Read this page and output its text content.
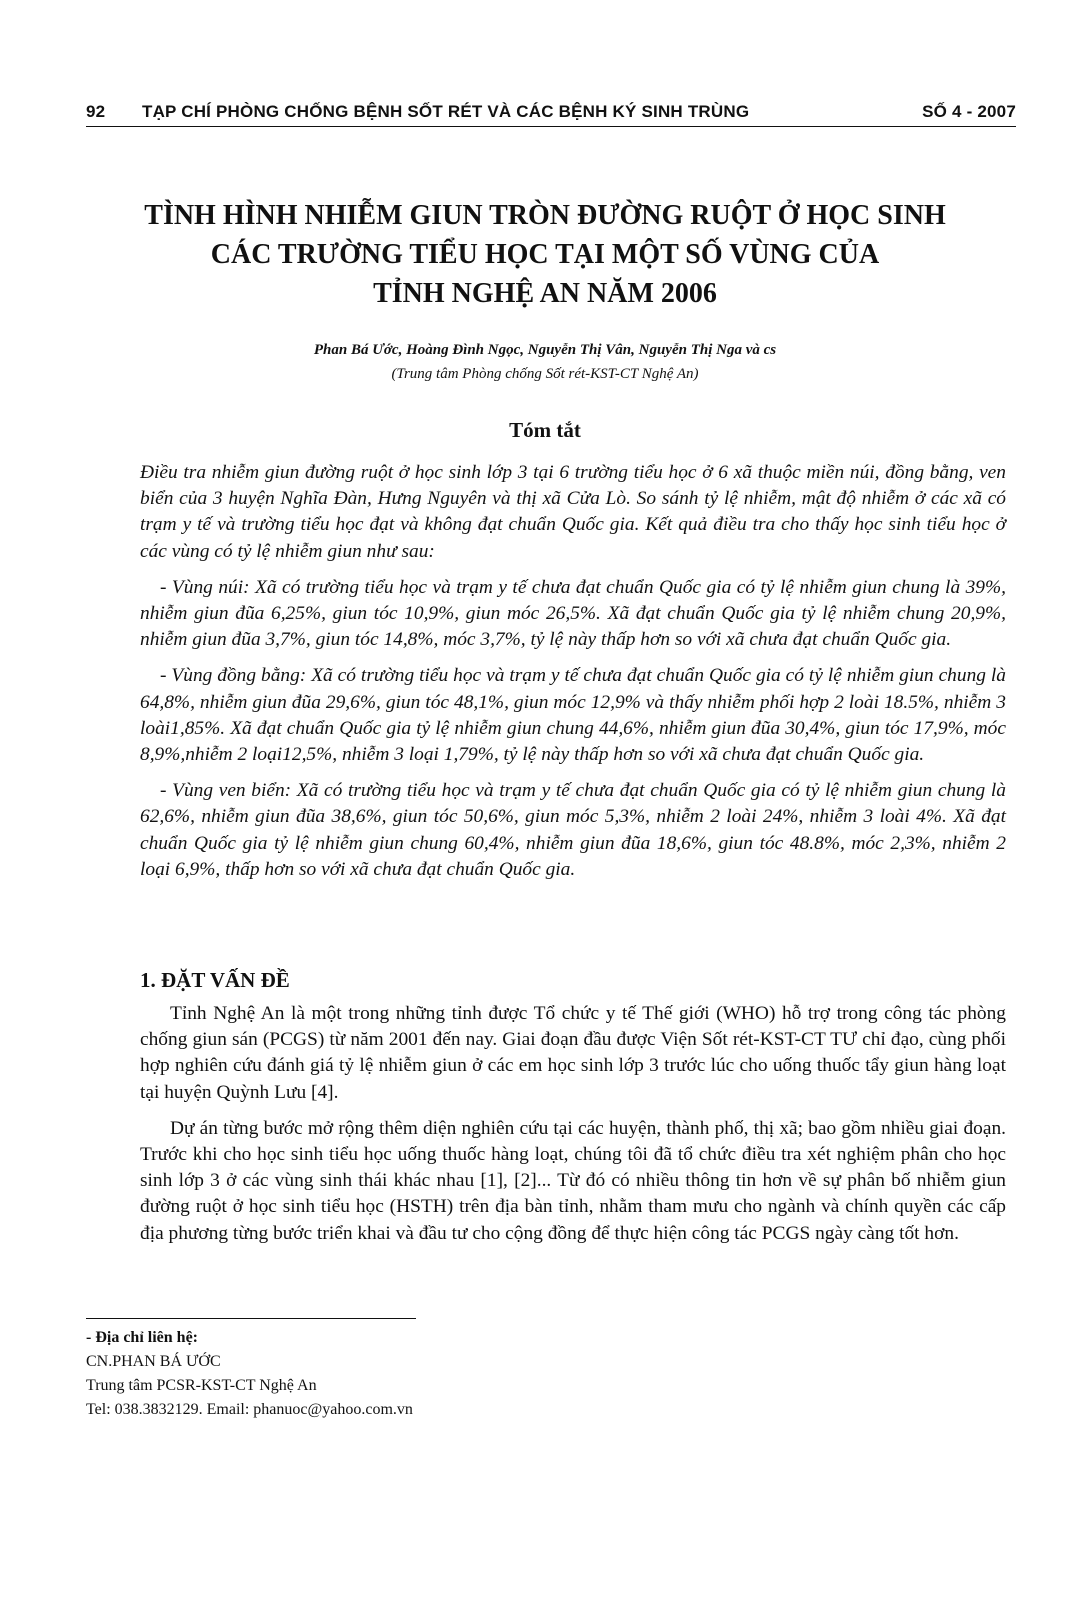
92 TẠP CHÍ PHÒNG CHỐNG BỆNH SỐT RÉT VÀ CÁC BỆNH KÝ SINH TRÙNG	SỐ 4 - 2007
TÌNH HÌNH NHIỄM GIUN TRÒN ĐƯỜNG RUỘT Ở HỌC SINH
CÁC TRƯỜNG TIỂU HỌC TẠI MỘT SỐ VÙNG CỦA
TỈNH NGHỆ AN NĂM 2006
Phan Bá Ước, Hoàng Đình Ngọc, Nguyễn Thị Vân, Nguyễn Thị Nga và cs
(Trung tâm Phòng chống Sốt rét-KST-CT Nghệ An)
Tóm tắt

Điều tra nhiễm giun đường ruột ở học sinh lớp 3 tại 6 trường tiểu học ở 6 xã thuộc miền núi, đồng bằng, ven biển của 3 huyện Nghĩa Đàn, Hưng Nguyên và thị xã Cửa Lò. So sánh tỷ lệ nhiễm, mật độ nhiễm ở các xã có trạm y tế và trường tiểu học đạt và không đạt chuẩn Quốc gia. Kết quả điều tra cho thấy học sinh tiểu học ở các vùng có tỷ lệ nhiễm giun như sau:

- Vùng núi: Xã có trường tiểu học và trạm y tế chưa đạt chuẩn Quốc gia có tỷ lệ nhiễm giun chung là 39%, nhiễm giun đũa 6,25%, giun tóc 10,9%, giun móc 26,5%. Xã đạt chuẩn Quốc gia tỷ lệ nhiễm chung 20,9%, nhiễm giun đũa 3,7%, giun tóc 14,8%, móc 3,7%, tỷ lệ này thấp hơn so với xã chưa đạt chuẩn Quốc gia.

- Vùng đồng bằng: Xã có trường tiểu học và trạm y tế chưa đạt chuẩn Quốc gia có tỷ lệ nhiễm giun chung là 64,8%, nhiễm giun đũa 29,6%, giun tóc 48,1%, giun móc 12,9% và thấy nhiễm phối hợp 2 loài 18.5%, nhiễm 3 loài1,85%. Xã đạt chuẩn Quốc gia tỷ lệ nhiễm giun chung 44,6%, nhiễm giun đũa 30,4%, giun tóc 17,9%, móc 8,9%,nhiễm 2 loại12,5%, nhiễm 3 loại 1,79%, tỷ lệ này thấp hơn so với xã chưa đạt chuẩn Quốc gia.

- Vùng ven biển: Xã có trường tiểu học và trạm y tế chưa đạt chuẩn Quốc gia có tỷ lệ nhiễm giun chung là 62,6%, nhiễm giun đũa 38,6%, giun tóc 50,6%, giun móc 5,3%, nhiễm 2 loài 24%, nhiễm 3 loài 4%. Xã đạt chuẩn Quốc gia tỷ lệ nhiễm giun chung 60,4%, nhiễm giun đũa 18,6%, giun tóc 48.8%, móc 2,3%, nhiễm 2 loại 6,9%, thấp hơn so với xã chưa đạt chuẩn Quốc gia.

1. ĐẶT VẤN ĐỀ

Tỉnh Nghệ An là một trong những tỉnh được Tổ chức y tế Thế giới (WHO) hỗ trợ trong công tác phòng chống giun sán (PCGS) từ năm 2001 đến nay. Giai đoạn đầu được Viện Sốt rét-KST-CT TƯ chỉ đạo, cùng phối hợp nghiên cứu đánh giá tỷ lệ nhiễm giun ở các em học sinh lớp 3 trước lúc cho uống thuốc tẩy giun hàng loạt tại huyện Quỳnh Lưu [4].

Dự án từng bước mở rộng thêm diện nghiên cứu tại các huyện, thành phố, thị xã; bao gồm nhiều giai đoạn. Trước khi cho học sinh tiểu học uống thuốc hàng loạt, chúng tôi đã tổ chức điều tra xét nghiệm phân cho học sinh lớp 3 ở các vùng sinh thái khác nhau [1], [2]... Từ đó có nhiều thông tin hơn về sự phân bố nhiễm giun đường ruột ở học sinh tiểu học (HSTH) trên địa bàn tỉnh, nhằm tham mưu cho ngành và chính quyền các cấp địa phương từng bước triển khai và đầu tư cho cộng đồng để thực hiện công tác PCGS ngày càng tốt hơn.

- Địa chỉ liên hệ:
CN.PHAN BÁ ƯỚC
Trung tâm PCSR-KST-CT Nghệ An
Tel: 038.3832129. Email: phanuoc@yahoo.com.vn
